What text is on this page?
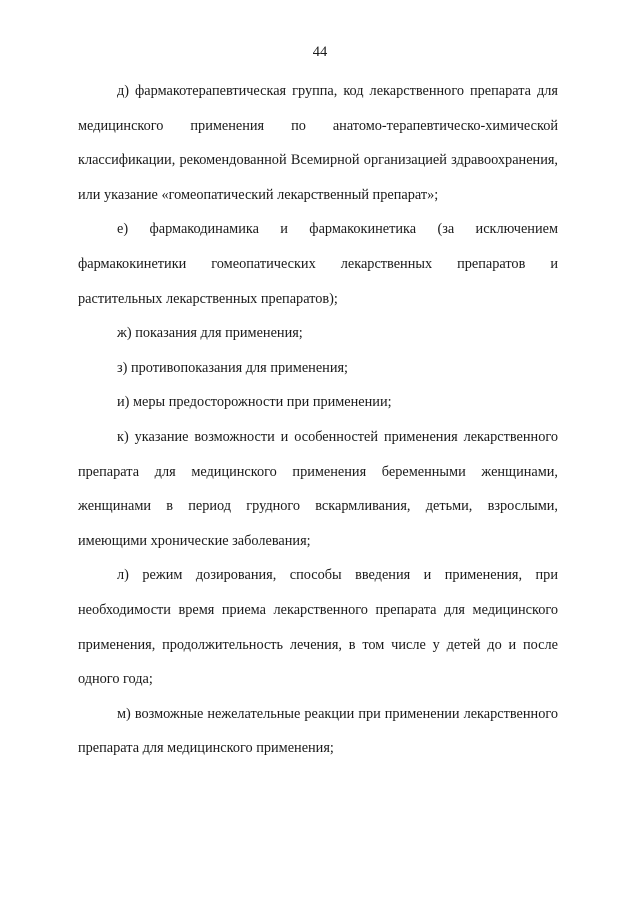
44

д) фармакотерапевтическая группа, код лекарственного препарата для медицинского применения по анатомо-терапевтическо-химической классификации, рекомендованной Всемирной организацией здравоохранения, или указание «гомеопатический лекарственный препарат»;

е) фармакодинамика и фармакокинетика (за исключением фармакокинетики гомеопатических лекарственных препаратов и растительных лекарственных препаратов);

ж) показания для применения;

з) противопоказания для применения;

и) меры предосторожности при применении;

к) указание возможности и особенностей применения лекарственного препарата для медицинского применения беременными женщинами, женщинами в период грудного вскармливания, детьми, взрослыми, имеющими хронические заболевания;

л) режим дозирования, способы введения и применения, при необходимости время приема лекарственного препарата для медицинского применения, продолжительность лечения, в том числе у детей до и после одного года;

м) возможные нежелательные реакции при применении лекарственного препарата для медицинского применения;
